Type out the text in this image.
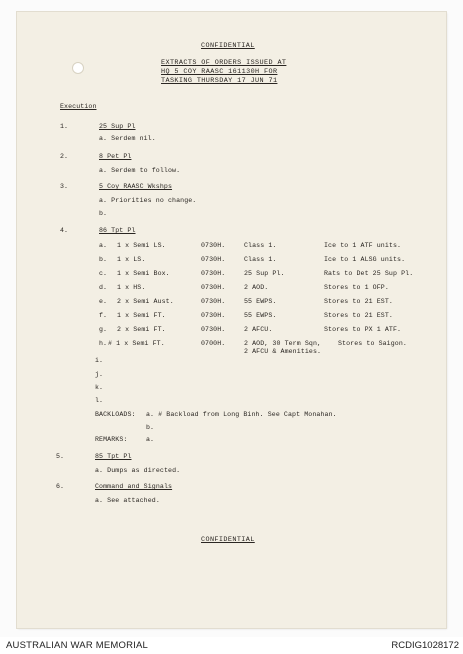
CONFIDENTIAL
EXTRACTS OF ORDERS ISSUED AT
HQ 5 COY RAASC 161130H FOR
TASKING THURSDAY 17 JUN 71
Execution
1.	25 Sup Pl
a. Serdem nil.
2.	8 Pet Pl
a. Serdem to follow.
3.	5 Coy RAASC Wkshps
a. Priorities no change.
b.
4.	86 Tpt Pl
a. 1 x Semi LS.	0730H.	Class 1.	Ice to 1 ATF units.
b. 1 x LS.	0730H.	Class 1.	Ice to 1 ALSG units.
c. 1 x Semi Box.	0730H.	25 Sup Pl.	Rats to Det 25 Sup Pl.
d. 1 x HS.	0730H.	2 AOD.	Stores to 1 OFP.
e. 2 x Semi Aust.	0730H.	55 EWPS.	Stores to 21 EST.
f. 1 x Semi FT.	0730H.	55 EWPS.	Stores to 21 EST.
g. 2 x Semi FT.	0730H.	2 AFCU.	Stores to PX 1 ATF.
h. # 1 x Semi FT.	0700H.	2 AOD, 30 Term Sqn,	Stores to Saigon.
2 AFCU & Amenities.
i.
j.
k.
l.
BACKLOADS: a. # Backload from Long Binh. See Capt Monahan.
b.
REMARKS:	a.
5.	85 Tpt Pl
a. Dumps as directed.
6.	Command and Signals
a. See attached.
CONFIDENTIAL
AUSTRALIAN WAR MEMORIAL	RCDIG1028172
